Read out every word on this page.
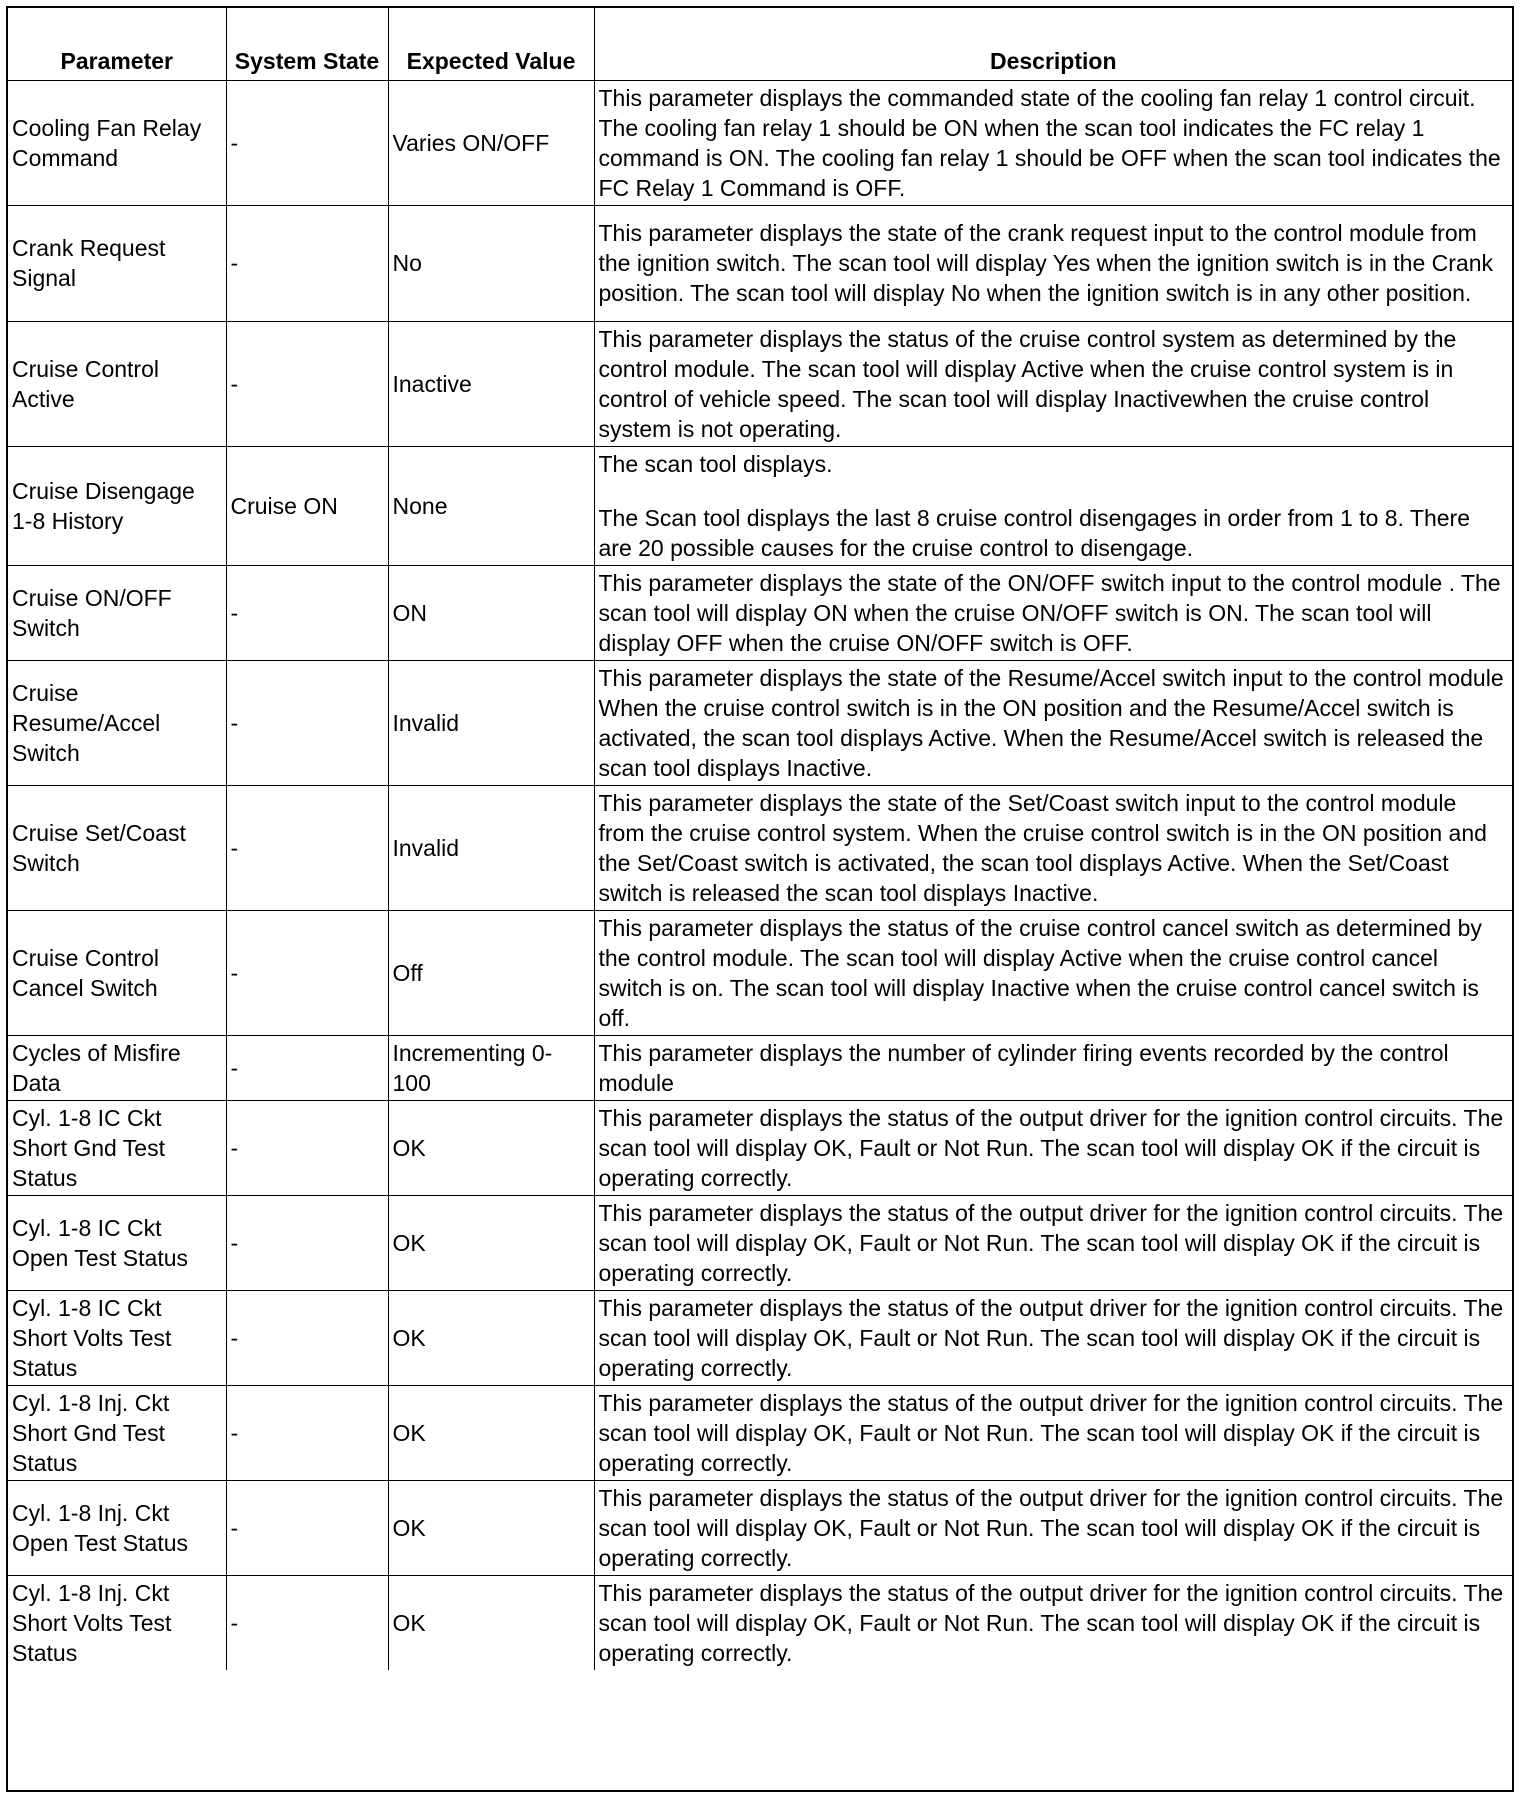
Parameter	System State	Expected Value	Description
Cooling Fan Relay Command	-	Varies ON/OFF	This parameter displays the commanded state of the cooling fan relay 1 control circuit. The cooling fan relay 1 should be ON when the scan tool indicates the FC relay 1 command is ON. The cooling fan relay 1 should be OFF when the scan tool indicates the FC Relay 1 Command is OFF.

Crank Request Signal	-	No	This parameter displays the state of the crank request input to the control module from the ignition switch. The scan tool will display Yes when the ignition switch is in the Crank position. The scan tool will display No when the ignition switch is in any other position.

Cruise Control Active	-	Inactive	This parameter displays the status of the cruise control system as determined by the control module. The scan tool will display Active when the cruise control system is in control of vehicle speed. The scan tool will display Inactivewhen the cruise control system is not operating.

Cruise Disengage 1-8 History	Cruise ON	None	The scan tool displays.

The Scan tool displays the last 8 cruise control disengages in order from 1 to 8. There are 20 possible causes for the cruise control to disengage.

Cruise ON/OFF Switch	-	ON	This parameter displays the state of the ON/OFF switch input to the control module . The scan tool will display ON when the cruise ON/OFF switch is ON. The scan tool will display OFF when the cruise ON/OFF switch is OFF.

Cruise Resume/Accel Switch	-	Invalid	This parameter displays the state of the Resume/Accel switch input to the control module When the cruise control switch is in the ON position and the Resume/Accel switch is activated, the scan tool displays Active. When the Resume/Accel switch is released the scan tool displays Inactive.

Cruise Set/Coast Switch	-	Invalid	This parameter displays the state of the Set/Coast switch input to the control module from the cruise control system. When the cruise control switch is in the ON position and the Set/Coast switch is activated, the scan tool displays Active. When the Set/Coast switch is released the scan tool displays Inactive.

Cruise Control Cancel Switch	-	Off	This parameter displays the status of the cruise control cancel switch as determined by the control module. The scan tool will display Active when the cruise control cancel switch is on. The scan tool will display Inactive when the cruise control cancel switch is off.

Cycles of Misfire Data	-	Incrementing 0-100	This parameter displays the number of cylinder firing events recorded by the control module

Cyl. 1-8 IC Ckt Short Gnd Test Status	-	OK	This parameter displays the status of the output driver for the ignition control circuits. The scan tool will display OK, Fault or Not Run. The scan tool will display OK if the circuit is operating correctly.

Cyl. 1-8 IC Ckt Open Test Status	-	OK	This parameter displays the status of the output driver for the ignition control circuits. The scan tool will display OK, Fault or Not Run. The scan tool will display OK if the circuit is operating correctly.

Cyl. 1-8 IC Ckt Short Volts Test Status	-	OK	This parameter displays the status of the output driver for the ignition control circuits. The scan tool will display OK, Fault or Not Run. The scan tool will display OK if the circuit is operating correctly.

Cyl. 1-8 Inj. Ckt Short Gnd Test Status	-	OK	This parameter displays the status of the output driver for the ignition control circuits. The scan tool will display OK, Fault or Not Run. The scan tool will display OK if the circuit is operating correctly.

Cyl. 1-8 Inj. Ckt Open Test Status	-	OK	This parameter displays the status of the output driver for the ignition control circuits. The scan tool will display OK, Fault or Not Run. The scan tool will display OK if the circuit is operating correctly.

Cyl. 1-8 Inj. Ckt Short Volts Test Status	-	OK	This parameter displays the status of the output driver for the ignition control circuits. The scan tool will display OK, Fault or Not Run. The scan tool will display OK if the circuit is operating correctly.
